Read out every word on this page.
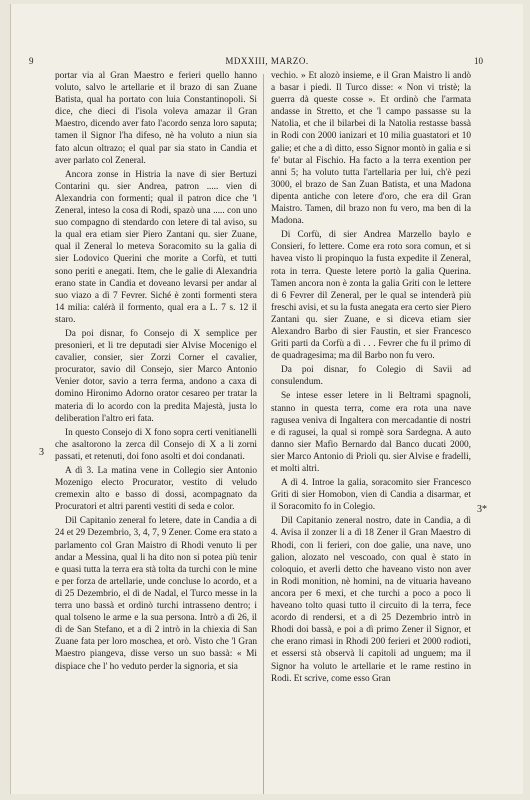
9	MDXXIII, MARZO.	10
3
3*

portar via al Gran Maestro e ferieri quello hanno voluto, salvo le artellarie et il brazo di san Zuane Batista, qual ha portato con luia Constantinopoli. Si dice, che dieci di l'isola voleva amazar il Gran Maestro, dicendo aver fato l'acordo senza loro saputa; tamen il Signor l'ha difeso, nè ha voluto a niun sia fato alcun oltrazo; el qual par sia stato in Candia et aver parlato col Zeneral.

Ancora zonse in Histria la nave di sier Bertuzi Contarini qu. sier Andrea, patron ..... vien di Alexandria con formenti; qual il patron dice che 'l Zeneral, inteso la cosa di Rodi, spazò una ..... con uno suo compagno di stendardo con letere di tal aviso, su la qual era etiam sier Piero Zantani qu. sier Zuane, qual il Zeneral lo meteva Soracomito su la galia di sier Lodovico Querini che morite a Corfù, et tutti sono periti e anegati. Item, che le galie di Alexandria erano state in Candia et doveano levarsi per andar al suo viazo a dì 7 Fevrer. Siché è zonti formenti stera 14 milia: calérà il formento, qual era a L. 7 s. 12 il staro.

Da poi disnar, fo Consejo di X semplice per presonieri, et li tre deputadi sier Alvise Mocenigo el cavalier, consier, sier Zorzi Corner el cavalier, procurator, savio dil Consejo, sier Marco Antonio Venier dotor, savio a terra ferma, andono a caxa di domino Hironimo Adorno orator cesareo per tratar la materia di lo acordo con la predita Majestà, justa lo deliberation l'altro eri fata.

In questo Consejo di X fono sopra certi venitianelli che asaltorono la zerca dil Consejo di X a li zorni passati, et retenuti, doi fono asolti et doi condanati.

A dì 3. La matina vene in Collegio sier Antonio Mozenigo electo Procurator, vestito di veludo cremexin alto e basso di dossi, acompagnato da Procuratori et altri parenti vestiti di seda e color.

Dil Capitanio zeneral fo letere, date in Candia a dì 24 et 29 Dezembrio, 3, 4, 7, 9 Zener. Come era stato a parlamento col Gran Maistro di Rhodi venuto li per andar a Messina, qual li ha dito non si potea più tenir e quasi tutta la terra era stà tolta da turchi con le mine e per forza de artellarie, unde concluse lo acordo, et a dì 25 Dezembrio, el dì de Nadal, el Turco messe in la terra uno bassà et ordinò turchi intrasseno dentro; i qual tolseno le arme e la sua persona. Intrò a dì 26, il dì de San Stefano, et a dì 2 intrò in la chiexia di San Zuane fata per loro moschea, et orò. Visto che 'l Gran Maestro piangeva, disse verso un suo bassà: « Mi dispiace che l' ho veduto perder la signoria, et sia

vechio. » Et alozò insieme, e il Gran Maistro li andò a basar i piedi. Il Turco disse: « Non vi tristè; la guerra dà queste cosse ». Et ordinò che l'armata andasse in Stretto, et che 'l campo passasse su la Natolia, et che il bilarbei di la Natolia restasse bassà in Rodi con 2000 ianizari et 10 milia guastatori et 10 galie; et che a dì ditto, esso Signor montò in galia e si fe' butar al Fischio. Ha facto a la terra exention per anni 5; ha voluto tutta l'artellaria per lui, ch'è pezi 3000, el brazo de San Zuan Batista, et una Madona dipenta antiche con letere d'oro, che era dil Gran Maistro. Tamen, dil brazo non fu vero, ma ben di la Madona.

Di Corfù, di sier Andrea Marzello baylo e Consieri, fo lettere. Come era roto sora comun, et si havea visto li propinquo la fusta expedite il Zeneral, rota in terra. Queste letere portò la galia Querina. Tamen ancora non è zonta la galia Griti con le lettere di 6 Fevrer dil Zeneral, per le qual se intenderà più freschi avisi, et su la fusta anegata era certo sier Piero Zantani qu. sier Zuane, e si diceva etiam sier Alexandro Barbo di sier Faustin, et sier Francesco Griti parti da Corfù a dì . . . Fevrer che fu il primo dì de quadragesima; ma dil Barbo non fu vero.

Da poi disnar, fo Colegio di Savii ad consulendum.

Se intese esser letere in li Beltrami spagnoli, stanno in questa terra, come era rota una nave ragusea veniva di Ingaltera con mercadantie di nostri e di ragusei, la qual si rompè sora Sardegna. A auto danno sier Mafio Bernardo dal Banco ducati 2000, sier Marco Antonio di Prioli qu. sier Alvise e fradelli, et molti altri.

A dì 4. Introe la galia, soracomito sier Francesco Griti di sier Homobon, vien di Candia a disarmar, et il Soracomito fo in Colegio.

Dil Capitanio zeneral nostro, date in Candia, a dì 4. Avisa il zonzer li a dì 18 Zener il Gran Maestro di Rhodi, con li ferieri, con doe galie, una nave, uno galion, alozato nel vescoado, con qual è stato in coloquio, et averli detto che haveano visto non aver in Rodi monition, nè homini, na de vituaria haveano ancora per 6 mexi, et che turchi a poco a poco li haveano tolto quasi tutto il circuito di la terra, fece acordo di rendersi, et a dì 25 Dezembrio intrò in Rhodi doi bassà, e poi a dì primo Zener il Signor, et che erano rimasi in Rhodi 200 ferieri et 2000 rodioti, et essersi stà observà li capitoli ad unguem; ma il Signor ha voluto le artellarie et le rame restino in Rodi. Et scrive, come esso Gran
